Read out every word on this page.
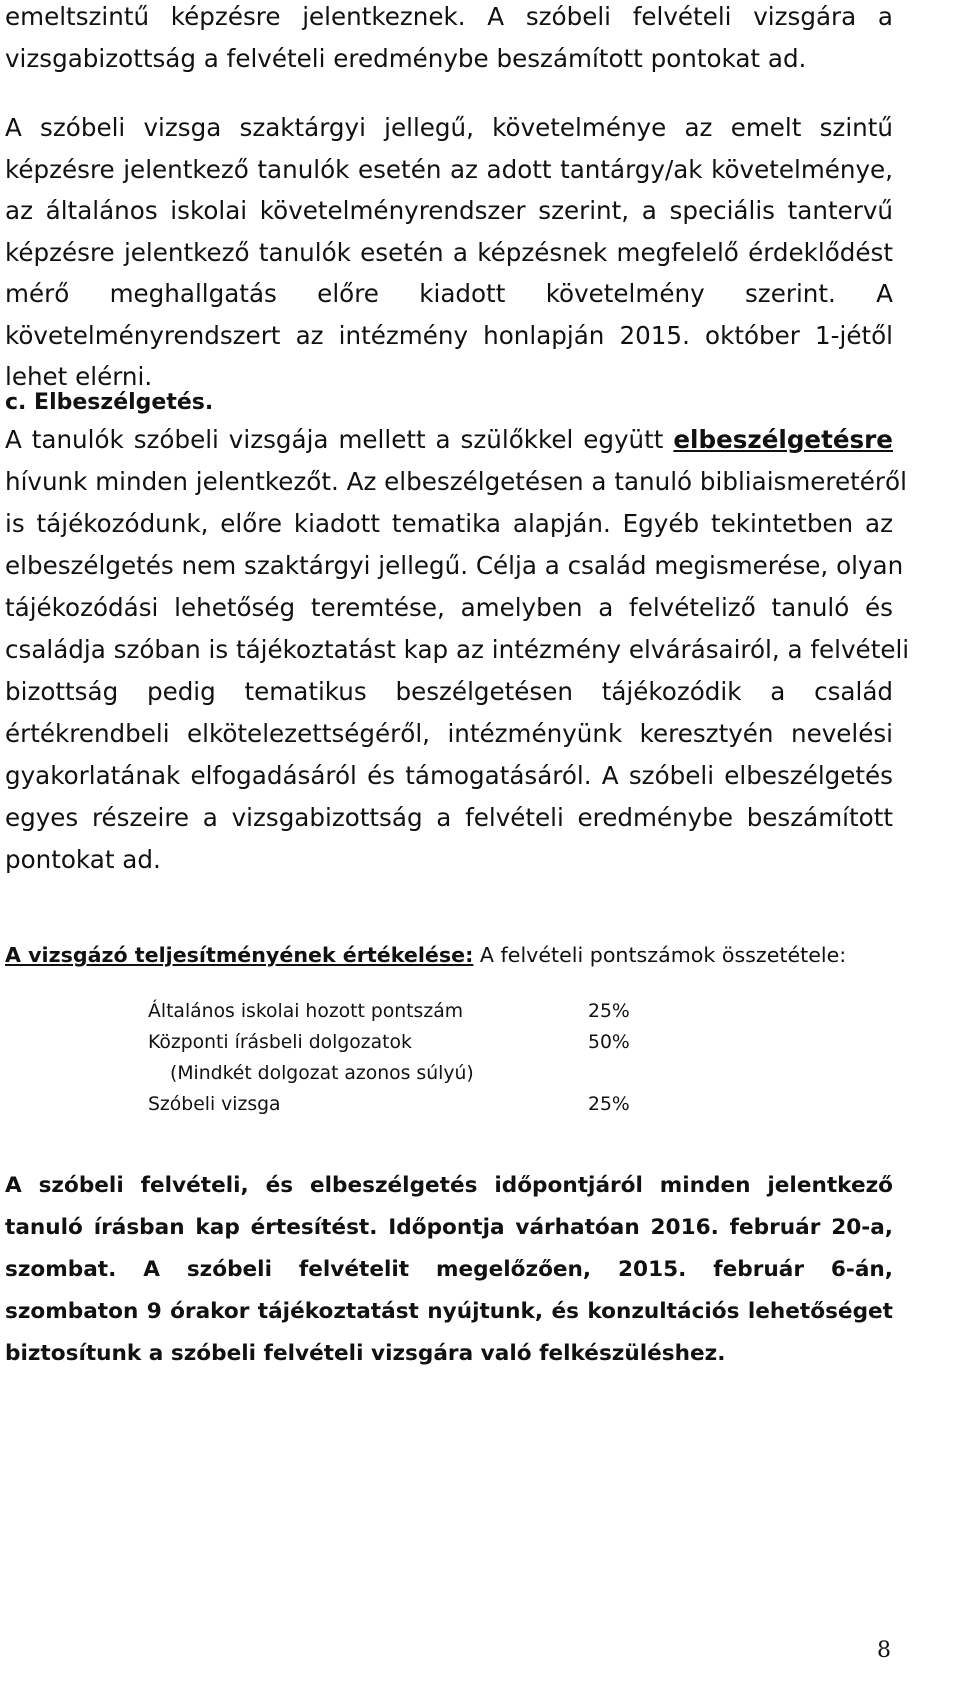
emeltszintű képzésre jelentkeznek. A szóbeli felvételi vizsgára a
vizsgabizottság a felvételi eredménybe beszámított pontokat ad.
A szóbeli vizsga szaktárgyi jellegű, követelménye az emelt szintű
képzésre jelentkező tanulók esetén az adott tantárgy/ak követelménye,
az általános iskolai követelményrendszer szerint, a speciális tantervű
képzésre jelentkező tanulók esetén a képzésnek megfelelő érdeklődést
mérő meghallgatás előre kiadott követelmény szerint. A
követelményrendszert az intézmény honlapján 2015. október 1-jétől
lehet elérni.
c. Elbeszélgetés.
A tanulók szóbeli vizsgája mellett a szülőkkel együtt elbeszélgetésre
hívunk minden jelentkezőt. Az elbeszélgetésen a tanuló bibliaismeretéről
is tájékozódunk, előre kiadott tematika alapján. Egyéb tekintetben az
elbeszélgetés nem szaktárgyi jellegű. Célja a család megismerése, olyan
tájékozódási lehetőség teremtése, amelyben a felvételiző tanuló és
családja szóban is tájékoztatást kap az intézmény elvárásairól, a felvételi
bizottság pedig tematikus beszélgetésen tájékozódik a család
értékrendbeli elkötelezettségéről, intézményünk keresztyén nevelési
gyakorlatának elfogadásáról és támogatásáról. A szóbeli elbeszélgetés
egyes részeire a vizsgabizottság a felvételi eredménybe beszámított
pontokat ad.
A vizsgázó teljesítményének értékelése: A felvételi pontszámok összetétele:
Általános iskolai hozott pontszám	25%
Központi írásbeli dolgozatok	50%
(Mindkét dolgozat azonos súlyú)
Szóbeli vizsga	25%
A szóbeli felvételi, és elbeszélgetés időpontjáról minden jelentkező
tanuló írásban kap értesítést. Időpontja várhatóan 2016. február 20-a,
szombat. A szóbeli felvételit megelőzően, 2015. február 6-án,
szombaton 9 órakor tájékoztatást nyújtunk, és konzultációs lehetőséget
biztosítunk a szóbeli felvételi vizsgára való felkészüléshez.
8
